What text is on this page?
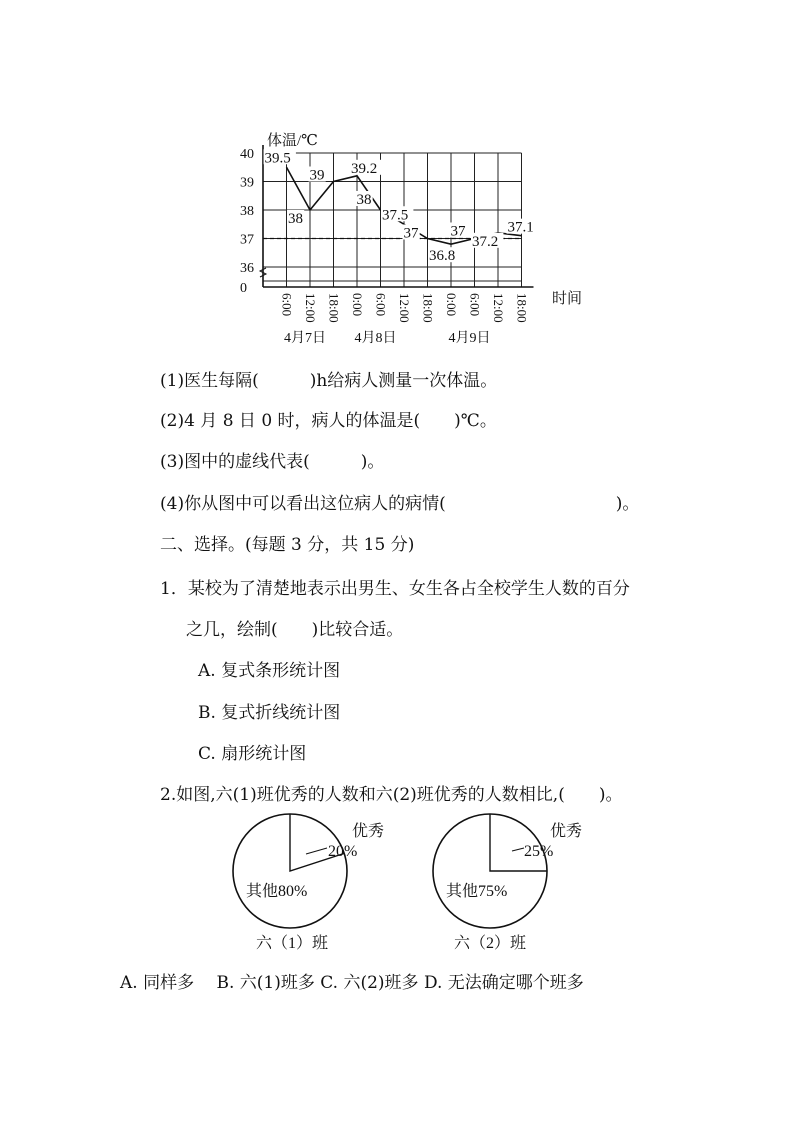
40
39
38
37
36
0
6:00 12:00 18:00 0:00 6:00 12:00 18:00 0:00 6:00 12:00 18:00
4月7日 4月8日	4月9日
39.5
38
39 39.2
38
37.5
37
36.8
37
37.2
37.1
体温/℃
时间
(1)医生每隔(　　　)h给病人测量一次体温。
(2)4 月 8 日 0 时，病人的体温是(　　)℃。
(3)图中的虚线代表(　　　)。
(4)你从图中可以看出这位病人的病情(　　　　　　　　　　)。
二、选择。(每题 3 分，共 15 分)
1．某校为了清楚地表示出男生、女生各占全校学生人数的百分
之几，绘制(　　)比较合适。
A. 复式条形统计图
B. 复式折线统计图
C. 扇形统计图
2.如图,六(1)班优秀的人数和六(2)班优秀的人数相比,(　　)。
优秀
20%
其他80%
六（1）班
优秀
25%
其他75%
六（2）班
A. 同样多　 B. 六(1)班多 C. 六(2)班多 D. 无法确定哪个班多
